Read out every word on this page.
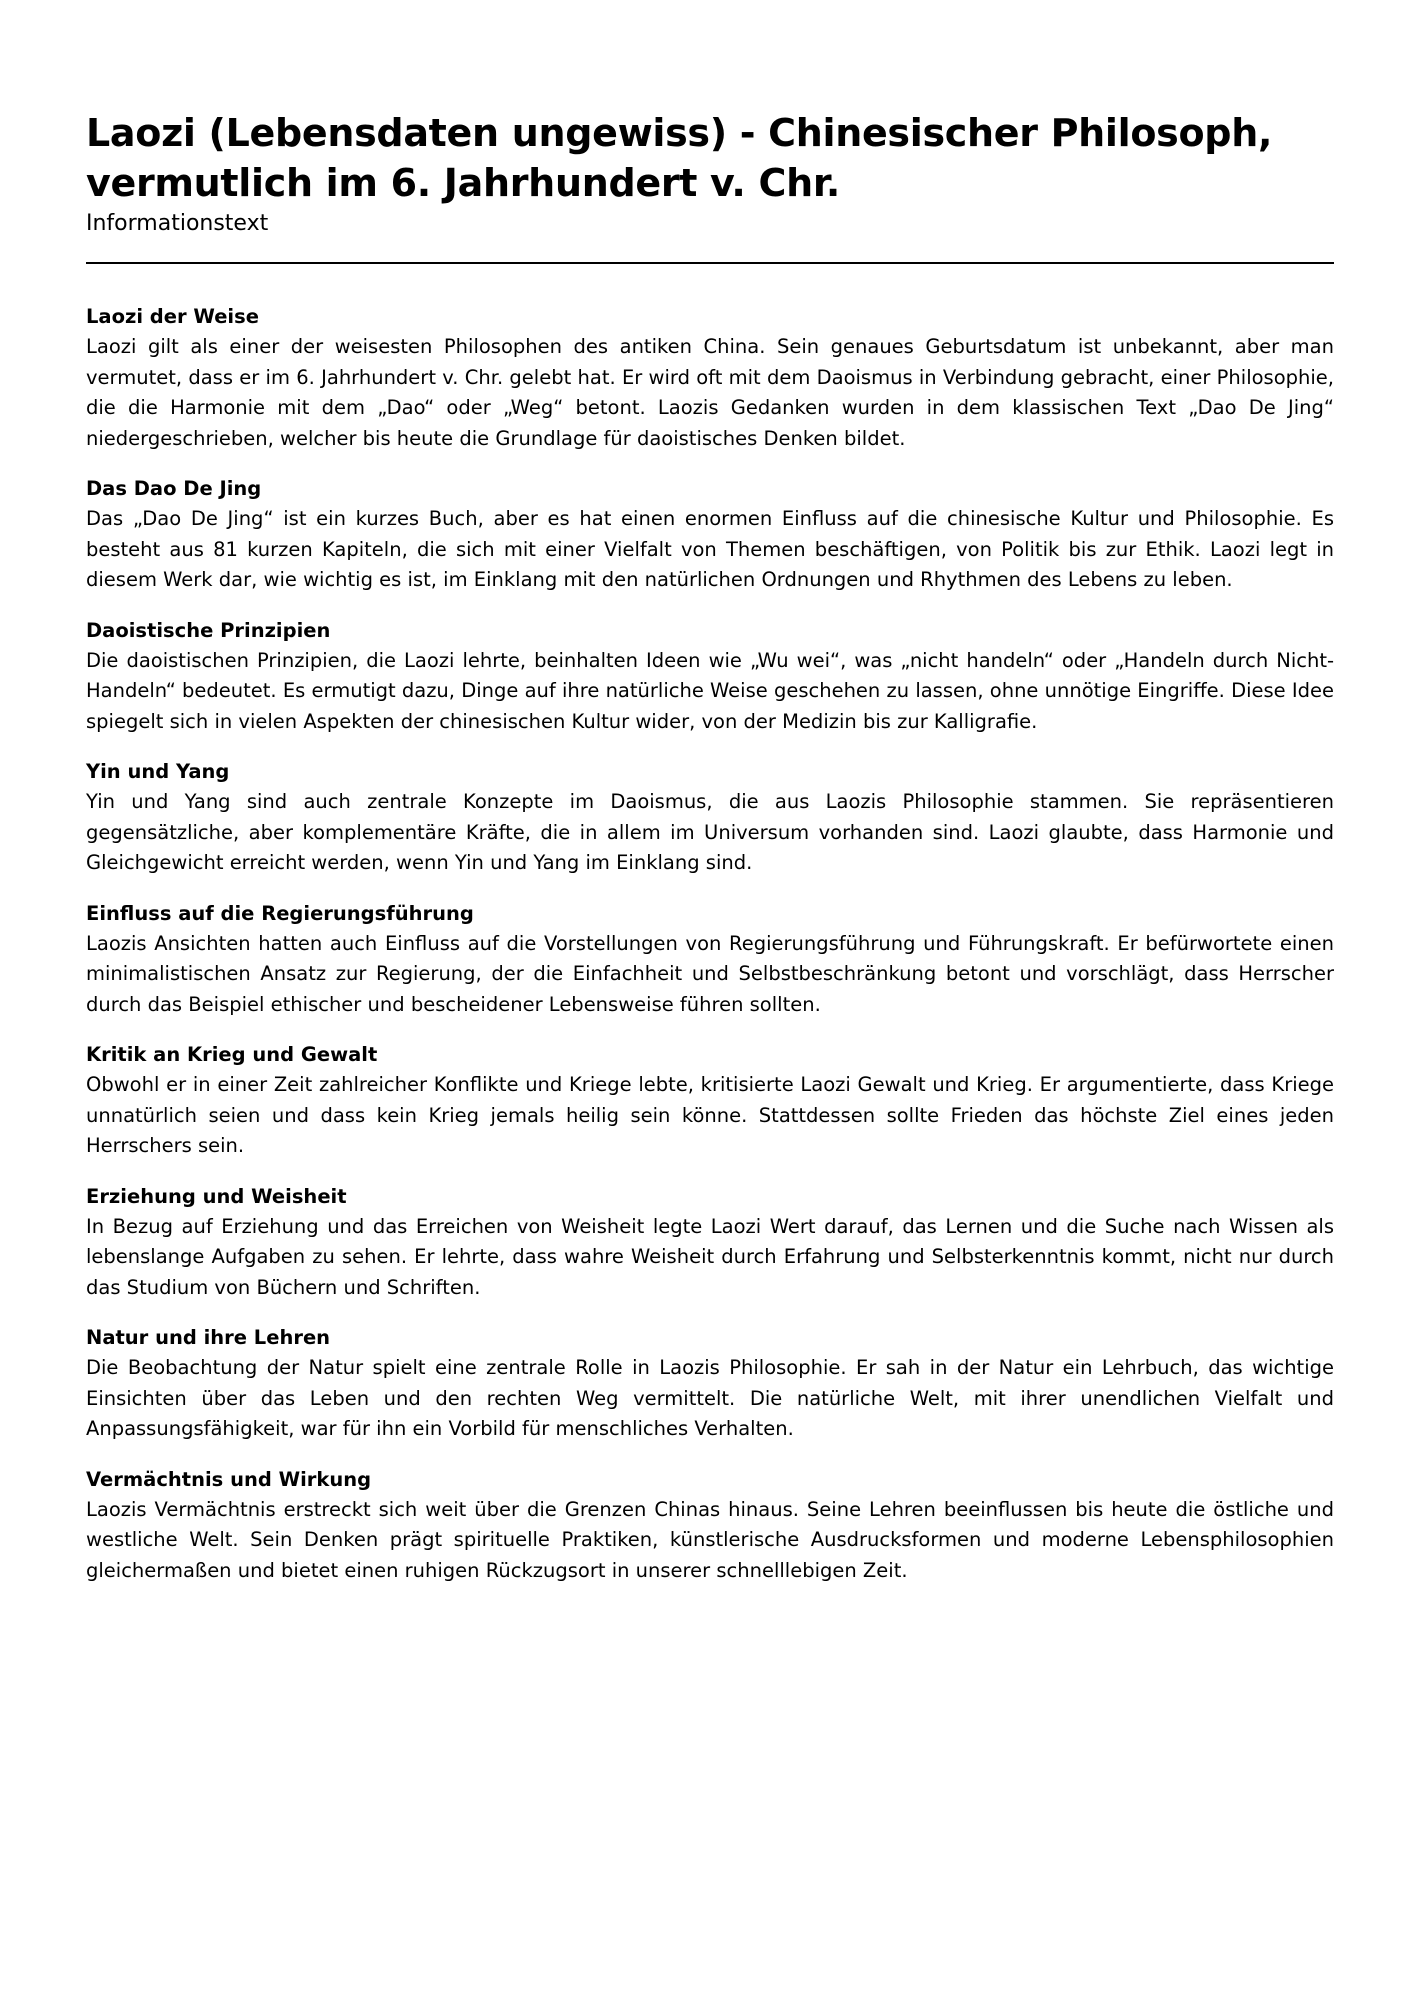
Laozi (Lebensdaten ungewiss) - Chinesischer Philosoph, vermutlich im 6. Jahrhundert v. Chr.
Informationstext
Laozi der Weise

Laozi gilt als einer der weisesten Philosophen des antiken China. Sein genaues Geburtsdatum ist unbekannt, aber man vermutet, dass er im 6. Jahrhundert v. Chr. gelebt hat. Er wird oft mit dem Daoismus in Verbindung gebracht, einer Philosophie, die die Harmonie mit dem „Dao“ oder „Weg“ betont. Laozis Gedanken wurden in dem klassischen Text „Dao De Jing“ niedergeschrieben, welcher bis heute die Grundlage für daoistisches Denken bildet.

Das Dao De Jing

Das „Dao De Jing“ ist ein kurzes Buch, aber es hat einen enormen Einfluss auf die chinesische Kultur und Philosophie. Es besteht aus 81 kurzen Kapiteln, die sich mit einer Vielfalt von Themen beschäftigen, von Politik bis zur Ethik. Laozi legt in diesem Werk dar, wie wichtig es ist, im Einklang mit den natürlichen Ordnungen und Rhythmen des Lebens zu leben.

Daoistische Prinzipien

Die daoistischen Prinzipien, die Laozi lehrte, beinhalten Ideen wie „Wu wei“, was „nicht handeln“ oder „Handeln durch Nicht-Handeln“ bedeutet. Es ermutigt dazu, Dinge auf ihre natürliche Weise geschehen zu lassen, ohne unnötige Eingriffe. Diese Idee spiegelt sich in vielen Aspekten der chinesischen Kultur wider, von der Medizin bis zur Kalligrafie.

Yin und Yang

Yin und Yang sind auch zentrale Konzepte im Daoismus, die aus Laozis Philosophie stammen. Sie repräsentieren gegensätzliche, aber komplementäre Kräfte, die in allem im Universum vorhanden sind. Laozi glaubte, dass Harmonie und Gleichgewicht erreicht werden, wenn Yin und Yang im Einklang sind.

Einfluss auf die Regierungsführung

Laozis Ansichten hatten auch Einfluss auf die Vorstellungen von Regierungsführung und Führungskraft. Er befürwortete einen minimalistischen Ansatz zur Regierung, der die Einfachheit und Selbstbeschränkung betont und vorschlägt, dass Herrscher durch das Beispiel ethischer und bescheidener Lebensweise führen sollten.

Kritik an Krieg und Gewalt

Obwohl er in einer Zeit zahlreicher Konflikte und Kriege lebte, kritisierte Laozi Gewalt und Krieg. Er argumentierte, dass Kriege unnatürlich seien und dass kein Krieg jemals heilig sein könne. Stattdessen sollte Frieden das höchste Ziel eines jeden Herrschers sein.

Erziehung und Weisheit

In Bezug auf Erziehung und das Erreichen von Weisheit legte Laozi Wert darauf, das Lernen und die Suche nach Wissen als lebenslange Aufgaben zu sehen. Er lehrte, dass wahre Weisheit durch Erfahrung und Selbsterkenntnis kommt, nicht nur durch das Studium von Büchern und Schriften.

Natur und ihre Lehren

Die Beobachtung der Natur spielt eine zentrale Rolle in Laozis Philosophie. Er sah in der Natur ein Lehrbuch, das wichtige Einsichten über das Leben und den rechten Weg vermittelt. Die natürliche Welt, mit ihrer unendlichen Vielfalt und Anpassungsfähigkeit, war für ihn ein Vorbild für menschliches Verhalten.

Vermächtnis und Wirkung

Laozis Vermächtnis erstreckt sich weit über die Grenzen Chinas hinaus. Seine Lehren beeinflussen bis heute die östliche und westliche Welt. Sein Denken prägt spirituelle Praktiken, künstlerische Ausdrucksformen und moderne Lebensphilosophien gleichermaßen und bietet einen ruhigen Rückzugsort in unserer schnelllebigen Zeit.
